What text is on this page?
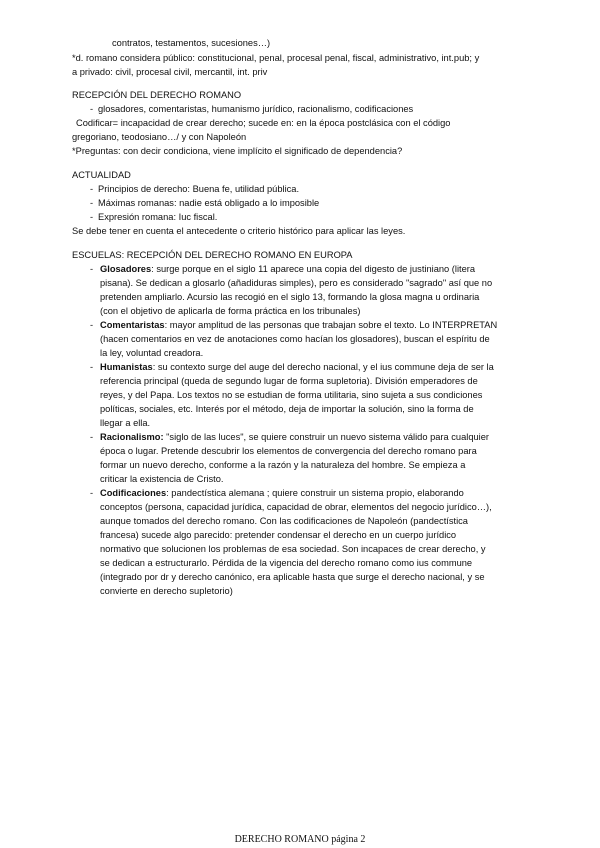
contratos, testamentos, sucesiones…)
*d. romano considera público: constitucional, penal, procesal penal, fiscal, administrativo, int.pub; y
a privado: civil, procesal civil, mercantil, int. priv
RECEPCIÓN DEL DERECHO ROMANO
- glosadores, comentaristas, humanismo jurídico, racionalismo, codificaciones
Codificar= incapacidad de crear derecho; sucede en: en la época postclásica con el código
gregoriano, teodosiano…/ y con Napoleón
*Preguntas: con decir condiciona, viene implícito el significado de dependencia?
ACTUALIDAD
- Principios de derecho: Buena fe, utilidad pública.
- Máximas romanas: nadie está obligado a lo imposible
- Expresión romana: Iuc fiscal.
Se debe tener en cuenta el antecedente o criterio histórico para aplicar las leyes.
ESCUELAS: RECEPCIÓN DEL DERECHO ROMANO EN EUROPA
- Glosadores: surge porque en el siglo 11 aparece una copia del digesto de justiniano (litera
pisana). Se dedican a glosarlo (añadiduras simples), pero es considerado "sagrado" así que no
pretenden ampliarlo. Acursio las recogió en el siglo 13, formando la glosa magna u ordinaria
(con el objetivo de aplicarla de forma práctica en los tribunales)
- Comentaristas: mayor amplitud de las personas que trabajan sobre el texto. Lo INTERPRETAN
(hacen comentarios en vez de anotaciones como hacían los glosadores), buscan el espíritu de
la ley, voluntad creadora.
- Humanistas: su contexto surge del auge del derecho nacional, y el ius commune deja de ser la
referencia principal (queda de segundo lugar de forma supletoria). División emperadores de
reyes, y del Papa. Los textos no se estudian de forma utilitaria, sino sujeta a sus condiciones
políticas, sociales, etc. Interés por el método, deja de importar la solución, sino la forma de
llegar a ella.
- Racionalismo: "siglo de las luces", se quiere construir un nuevo sistema válido para cualquier
época o lugar. Pretende descubrir los elementos de convergencia del derecho romano para
formar un nuevo derecho, conforme a la razón y la naturaleza del hombre. Se empieza a
criticar la existencia de Cristo.
- Codificaciones: pandectística alemana ; quiere construir un sistema propio, elaborando
conceptos (persona, capacidad jurídica, capacidad de obrar, elementos del negocio jurídico…),
aunque tomados del derecho romano. Con las codificaciones de Napoleón (pandectística
francesa) sucede algo parecido: pretender condensar el derecho en un cuerpo jurídico
normativo que solucionen los problemas de esa sociedad. Son incapaces de crear derecho, y
se dedican a estructurarlo. Pérdida de la vigencia del derecho romano como ius commune
(integrado por dr y derecho canónico, era aplicable hasta que surge el derecho nacional, y se
convierte en derecho supletorio)
DERECHO ROMANO página 2
